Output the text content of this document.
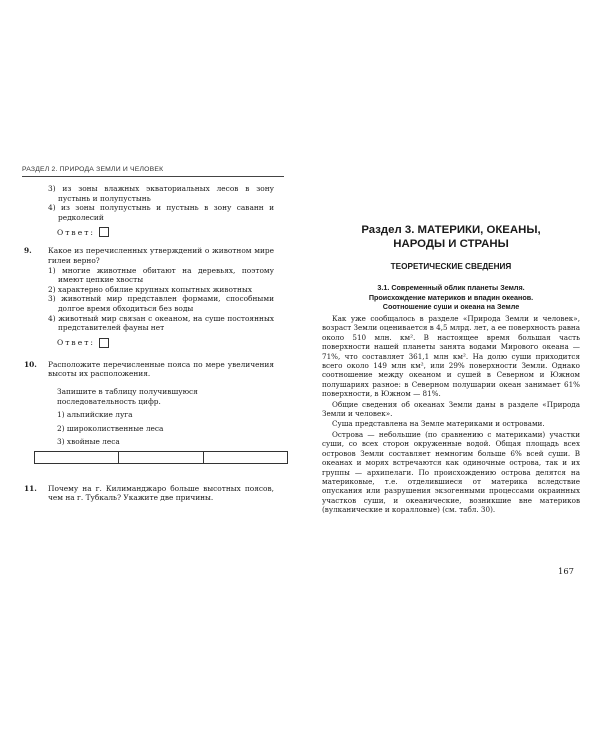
РАЗДЕЛ 2. ПРИРОДА ЗЕМЛИ И ЧЕЛОВЕК
3) из зоны влажных экваториальных лесов в зону пустынь и полупустынь
4) из зоны полупустынь и пустынь в зону саванн и редколесий
Ответ:
9. Какое из перечисленных утверждений о животном мире гилеи верно?
1) многие животные обитают на деревьях, поэтому имеют цепкие хвосты
2) характерно обилие крупных копытных животных
3) животный мир представлен формами, способными долгое время обходиться без воды
4) животный мир связан с океаном, на суше постоянных представителей фауны нет
Ответ:
10. Расположите перечисленные пояса по мере увеличения высоты их расположения.
Запишите в таблицу получившуюся последовательность цифр.
1) альпийские луга
2) широколиственные леса
3) хвойные леса

11. Почему на г. Килиманджаро больше высотных поясов, чем на г. Тубкаль? Укажите две причины.
Раздел 3. МАТЕРИКИ, ОКЕАНЫ,
НАРОДЫ И СТРАНЫ
ТЕОРЕТИЧЕСКИЕ СВЕДЕНИЯ
3.1. Современный облик планеты Земля.
Происхождение материков и впадин океанов.
Соотношение суши и океана на Земле

Как уже сообщалось в разделе «Природа Земли и человек», возраст Земли оценивается в 4,5 млрд. лет, а ее поверхность равна около 510 млн. км². В настоящее время большая часть поверхности нашей планеты занята водами Мирового океана — 71%, что составляет 361,1 млн км². На долю суши приходится всего около 149 млн км², или 29% поверхности Земли. Однако соотношение между океаном и сушей в Северном и Южном полушариях разное: в Северном полушарии океан занимает 61% поверхности, в Южном — 81%.

Общие сведения об океанах Земли даны в разделе «Природа Земли и человек».

Суша представлена на Земле материками и островами.

Острова — небольшие (по сравнению с материками) участки суши, со всех сторон окруженные водой. Общая площадь всех островов Земли составляет немногим больше 6% всей суши. В океанах и морях встречаются как одиночные острова, так и их группы — архипелаги. По происхождению острова делятся на материковые, т.е. отделившиеся от материка вследствие опускания или разрушения экзогенными процессами окраинных участков суши, и океанические, возникшие вне материков (вулканические и коралловые) (см. табл. 30).

167
